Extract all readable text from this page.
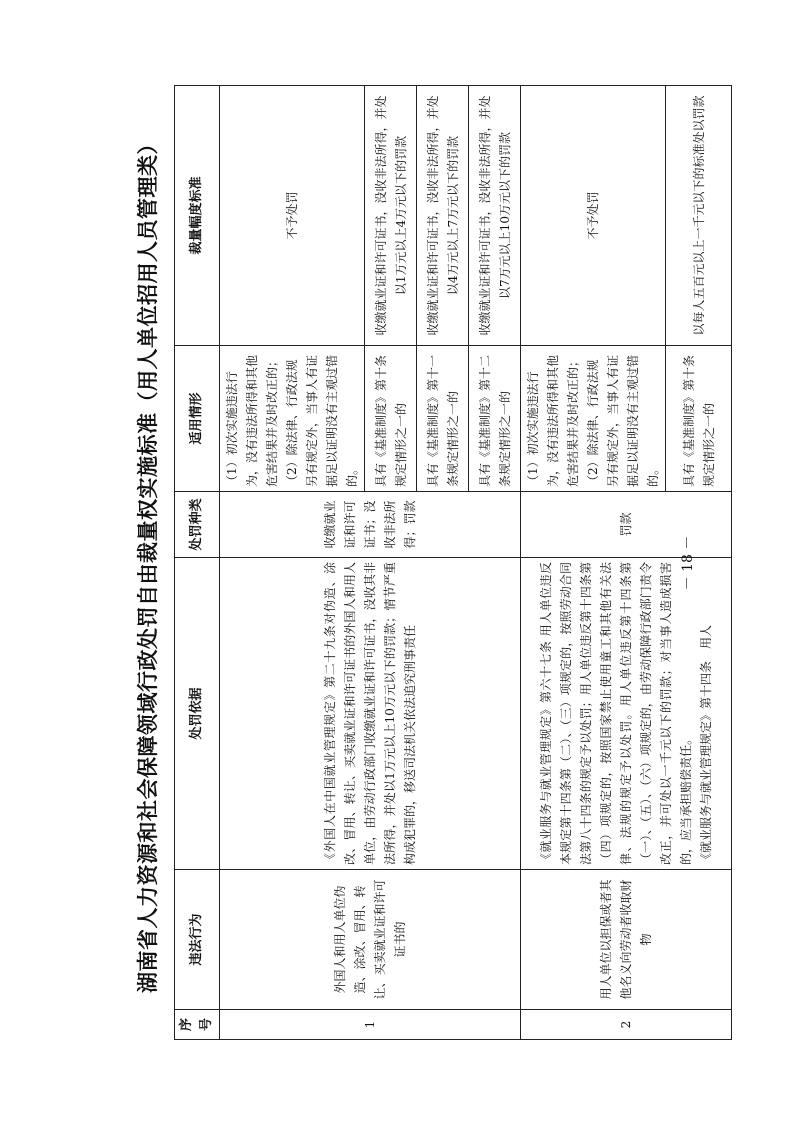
湖南省人力资源和社会保障领域行政处罚自由裁量权实施标准（用人单位招用人员管理类）
序号	违法行为	处罚依据	处罚种类	适用情形	裁量幅度标准
1	外国人和用人单位伪造、涂改、冒用、转让、买卖就业证和许可证书的	《外国人在中国就业管理规定》第二十九条对伪造、涂改、冒用、转让、买卖就业证和许可证书的外国人和用人单位，由劳动行政部门收缴就业证和许可证书，没收其非法所得，并处以1万元以上10万元以下的罚款；情节严重构成犯罪的，移送司法机关依法追究刑事责任	收缴就业证和许可证书；没收非法所得；罚款	（1）初次实施违法行为，没有违法所得和其他危害结果并及时改正的；（2）除法律、行政法规另有规定外，当事人有证据足以证明没有主观过错的。	不予处罚
				具有《基准制度》第十条规定情形之一的	收缴就业证和许可证书，没收非法所得，并处以1万元以上4万元以下的罚款
				具有《基准制度》第十一条规定情形之一的	收缴就业证和许可证书，没收非法所得，并处以4万元以上7万元以下的罚款
				具有《基准制度》第十二条规定情形之一的	收缴就业证和许可证书，没收非法所得，并处以7万元以上10万元以下的罚款
2	用人单位以担保或者其他名义向劳动者收取财物	《就业服务与就业管理规定》第六十七条 用人单位违反本规定第十四条第（二）、（三）项规定的，按照劳动合同法第八十四条的规定予以处罚；用人单位违反第十四条第（四）项规定的，按照国家禁止使用童工和其他有关法律、法规的规定予以处罚。用人单位违反第十四条第（一）、（五）、（六）项规定的，由劳动保障行政部门责令改正，并可处以一千元以下的罚款；对当事人造成损害的，应当承担赔偿责任。 《就业服务与就业管理规定》第十四条　用人	罚款	（1）初次实施违法行为，没有违法所得和其他危害结果并及时改正的；（2）除法律、行政法规另有规定外，当事人有证据足以证明没有主观过错的。	不予处罚
				具有《基准制度》第十条规定情形之一的	以每人五百元以上一千元以下的标准处以罚款
－ 18 －
